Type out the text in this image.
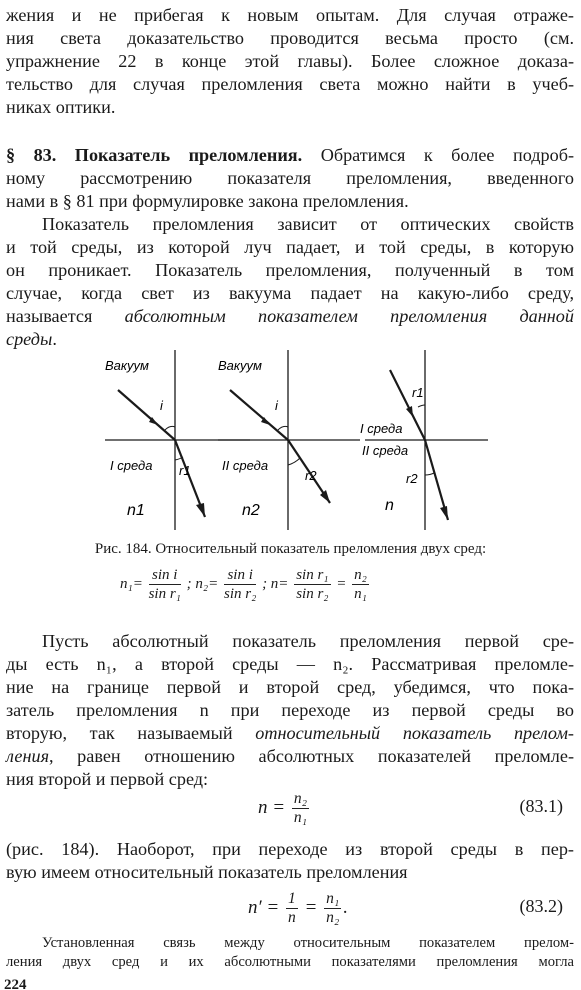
жения и не прибегая к новым опытам. Для случая отраже-
ния света доказательство проводится весьма просто (см.
упражнение 22 в конце этой главы). Более сложное доказа-
тельство для случая преломления света можно найти в учеб-
никах оптики.
§ 83. Показатель преломления. Обратимся к более подроб-
ному рассмотрению показателя преломления, введенного
нами в § 81 при формулировке закона преломления.
Показатель преломления зависит от оптических свойств
и той среды, из которой луч падает, и той среды, в которую
он проникает. Показатель преломления, полученный в том
случае, когда свет из вакуума падает на какую-либо среду,
называется абсолютным показателем преломления данной
среды.
Вакуум	Вакуум
i	i
I среда	II среда
r1	r2
I среда
II среда
r1
r2
n1	n2	n
Рис. 184. Относительный показатель преломления двух сред:
$n_1= \frac{\text{sin i}}{\text{sin r₁}}$ ; $n_2= \frac{\text{sin i}}{\text{sin r₂}}$ ; $n= \frac{\text{sin r₁}}{\text{sin r₂}} = \frac{\text{n₂}}{\text{n₁}}$
Пусть абсолютный показатель преломления первой сре-
ды есть n₁, а второй среды — n₂. Рассматривая преломле-
ние на границе первой и второй сред, убедимся, что пока-
затель преломления n при переходе из первой среды во
вторую, так называемый относительный показатель прелом-
ления, равен отношению абсолютных показателей преломле-
ния второй и первой сред:
$n = \frac{\text{n₂}}{\text{n₁}}$	(83.1)
(рис. 184). Наоборот, при переходе из второй среды в пер-
вую имеем относительный показатель преломления
$n' = \frac{1}{n} = \frac{\text{n₁}}{\text{n₂}}$ .	(83.2)
Установленная связь между относительным показателем прелом-
ления двух сред и их абсолютными показателями преломления могла
224
